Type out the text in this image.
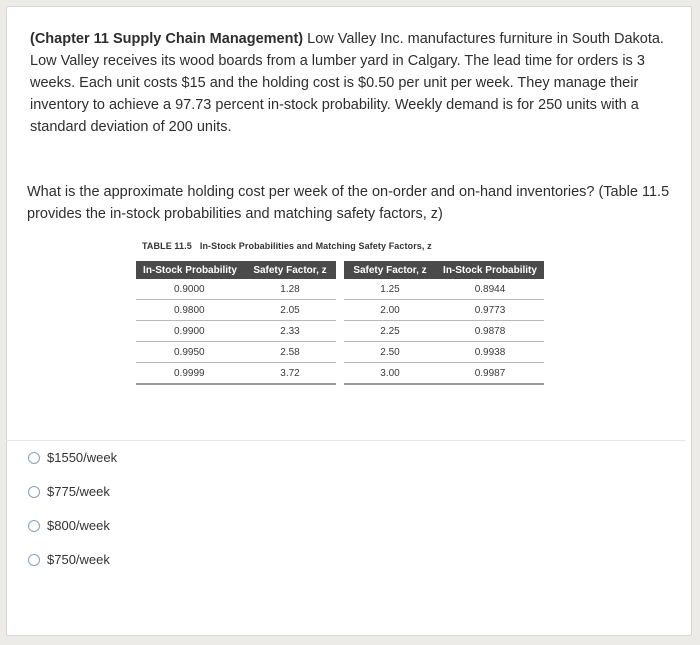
(Chapter 11 Supply Chain Management) Low Valley Inc. manufactures furniture in South Dakota. Low Valley receives its wood boards from a lumber yard in Calgary. The lead time for orders is 3 weeks. Each unit costs $15 and the holding cost is $0.50 per unit per week. They manage their inventory to achieve a 97.73 percent in-stock probability. Weekly demand is for 250 units with a standard deviation of 200 units.

What is the approximate holding cost per week of the on-order and on-hand inventories? (Table 11.5 provides the in-stock probabilities and matching safety factors, z)

TABLE 11.5 In-Stock Probabilities and Matching Safety Factors, z
In-Stock Probability	Safety Factor, z
0.9000	1.28
0.9800	2.05
0.9900	2.33
0.9950	2.58
0.9999	3.72
Safety Factor, z	In-Stock Probability
1.25	0.8944
2.00	0.9773
2.25	0.9878
2.50	0.9938
3.00	0.9987
$1550/week
$775/week
$800/week
$750/week
